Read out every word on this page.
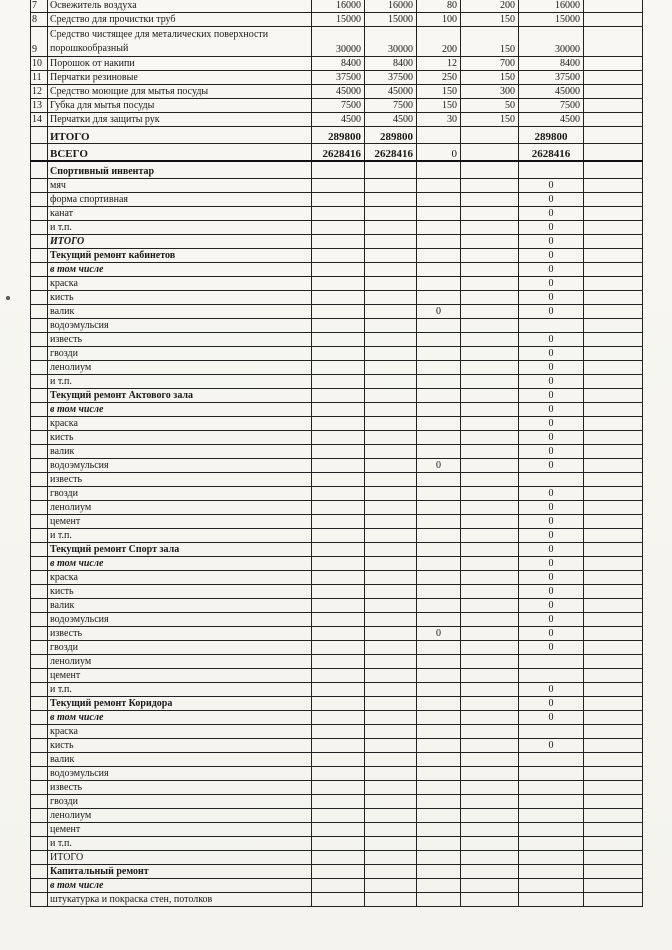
7	Освежитель воздуха	16000	16000	80	200	16000	
8	Средство для прочистки труб	15000	15000	100	150	15000	
9	Средство чистящее для металических поверхности порошкообразный	30000	30000	200	150	30000	
10	Порошок от накипи	8400	8400	12	700	8400	
11	Перчатки резиновые	37500	37500	250	150	37500	
12	Средство моющие для мытья посуды	45000	45000	150	300	45000	
13	Губка для мытья посуды	7500	7500	150	50	7500	
14	Перчатки для защиты рук	4500	4500	30	150	4500	
	ИТОГО	289800	289800			289800	
	ВСЕГО	2628416	2628416	0		2628416	
	Спортивный инвентар						
	мяч					0	
	форма спортивная					0	
	канат					0	
	и т.п.					0	
	ИТОГО					0	
	Текущий ремонт кабинетов					0	
	в том числе					0	
	краска					0	
	кисть					0	
	валик			0		0	
	водоэмульсия						
	известь					0	
	гвозди					0	
	ленолиум					0	
	и т.п.					0	
	Текущий ремонт Актового зала					0	
	в том числе					0	
	краска					0	
	кисть					0	
	валик					0	
	водоэмульсия			0		0	
	известь						
	гвозди					0	
	ленолиум					0	
	цемент					0	
	и т.п.					0	
	Текущий ремонт Спорт зала					0	
	в том числе					0	
	краска					0	
	кисть					0	
	валик					0	
	водоэмульсия					0	
	известь			0		0	
	гвозди					0	
	ленолиум						
	цемент						
	и т.п.					0	
	Текущий ремонт Коридора					0	
	в том числе					0	
	краска						
	кисть					0	
	валик						
	водоэмульсия						
	известь						
	гвозди						
	ленолиум						
	цемент						
	и т.п.						
	ИТОГО						
	Капитальный ремонт						
	в том числе						
	штукатурка и покраска стен, потолков						
